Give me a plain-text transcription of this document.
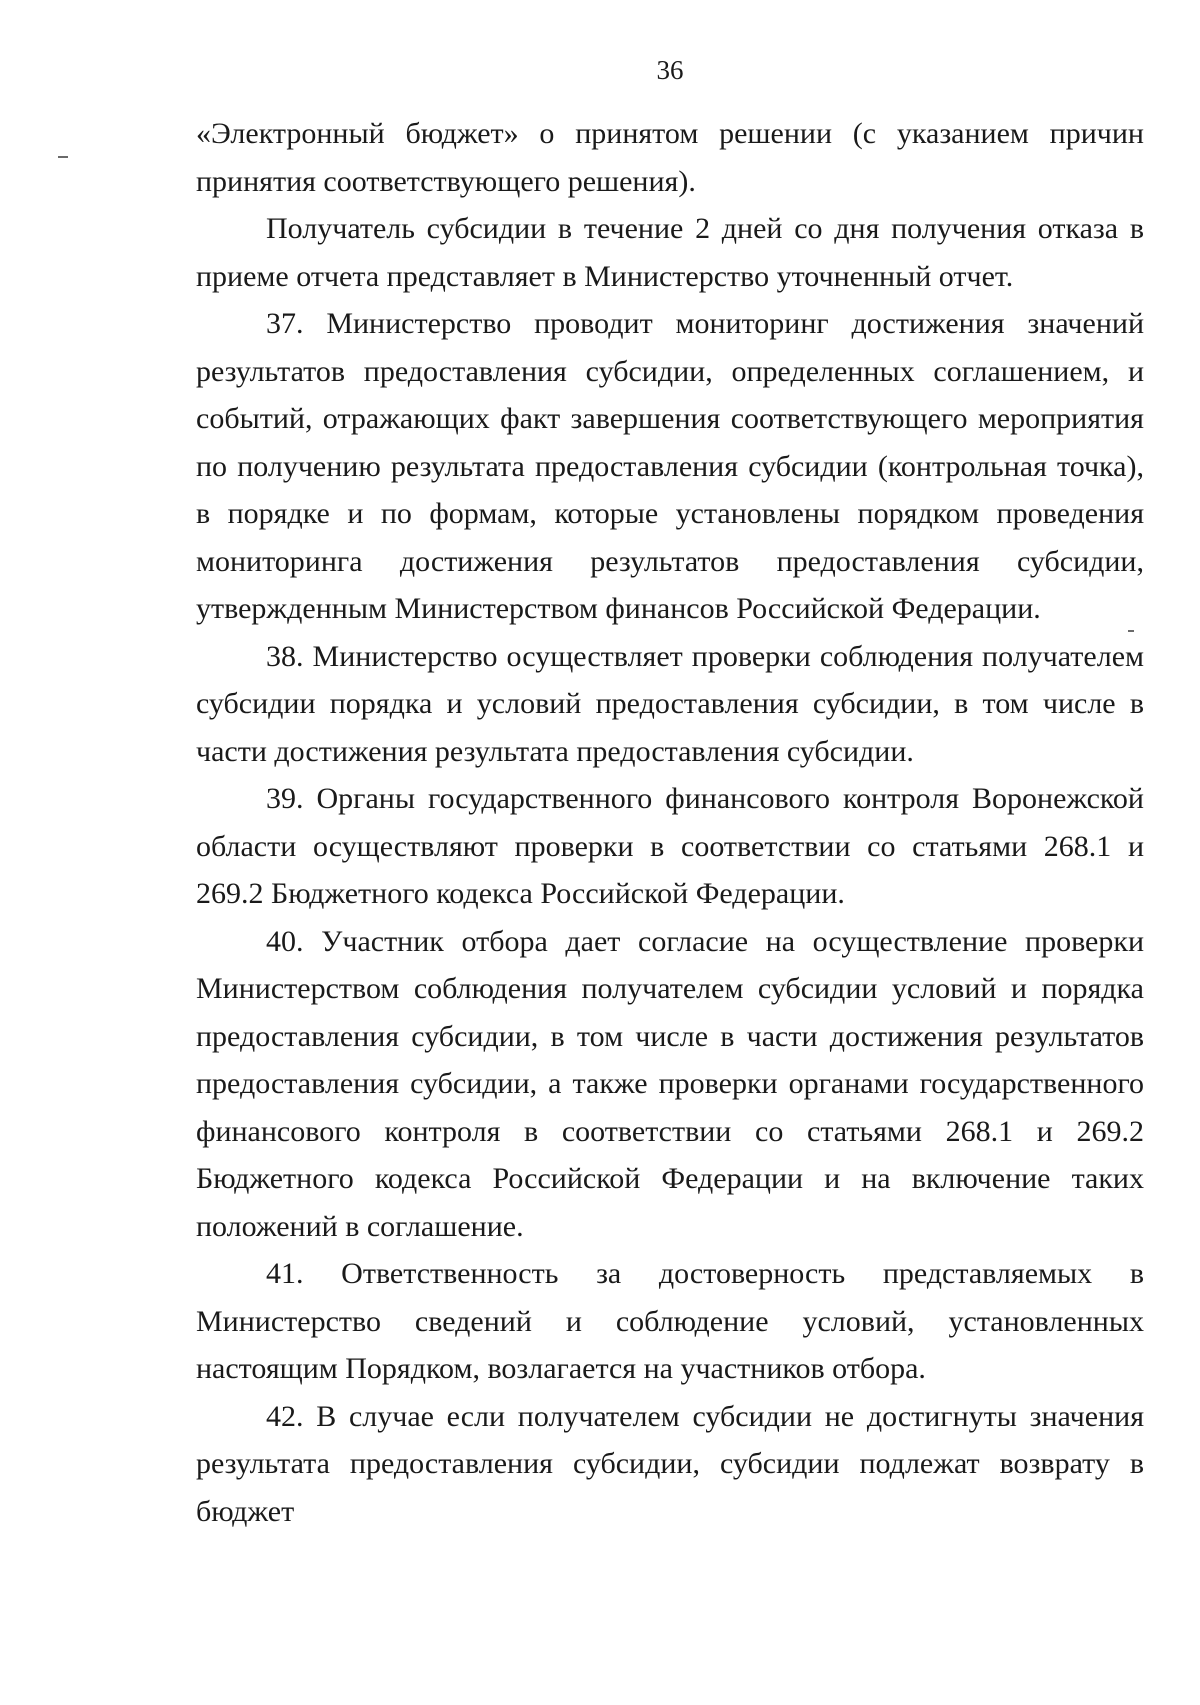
36

«Электронный бюджет» о принятом решении (с указанием причин принятия соответствующего решения).

Получатель субсидии в течение 2 дней со дня получения отказа в приеме отчета представляет в Министерство уточненный отчет.

37. Министерство проводит мониторинг достижения значений результатов предоставления субсидии, определенных соглашением, и событий, отражающих факт завершения соответствующего мероприятия по получению результата предоставления субсидии (контрольная точка), в порядке и по формам, которые установлены порядком проведения мониторинга достижения результатов предоставления субсидии, утвержденным Министерством финансов Российской Федерации.

38. Министерство осуществляет проверки соблюдения получателем субсидии порядка и условий предоставления субсидии, в том числе в части достижения результата предоставления субсидии.

39. Органы государственного финансового контроля Воронежской области осуществляют проверки в соответствии со статьями 268.1 и 269.2 Бюджетного кодекса Российской Федерации.

40. Участник отбора дает согласие на осуществление проверки Министерством соблюдения получателем субсидии условий и порядка предоставления субсидии, в том числе в части достижения результатов предоставления субсидии, а также проверки органами государственного финансового контроля в соответствии со статьями 268.1 и 269.2 Бюджетного кодекса Российской Федерации и на включение таких положений в соглашение.

41. Ответственность за достоверность представляемых в Министерство сведений и соблюдение условий, установленных настоящим Порядком, возлагается на участников отбора.

42. В случае если получателем субсидии не достигнуты значения результата предоставления субсидии, субсидии подлежат возврату в бюджет
